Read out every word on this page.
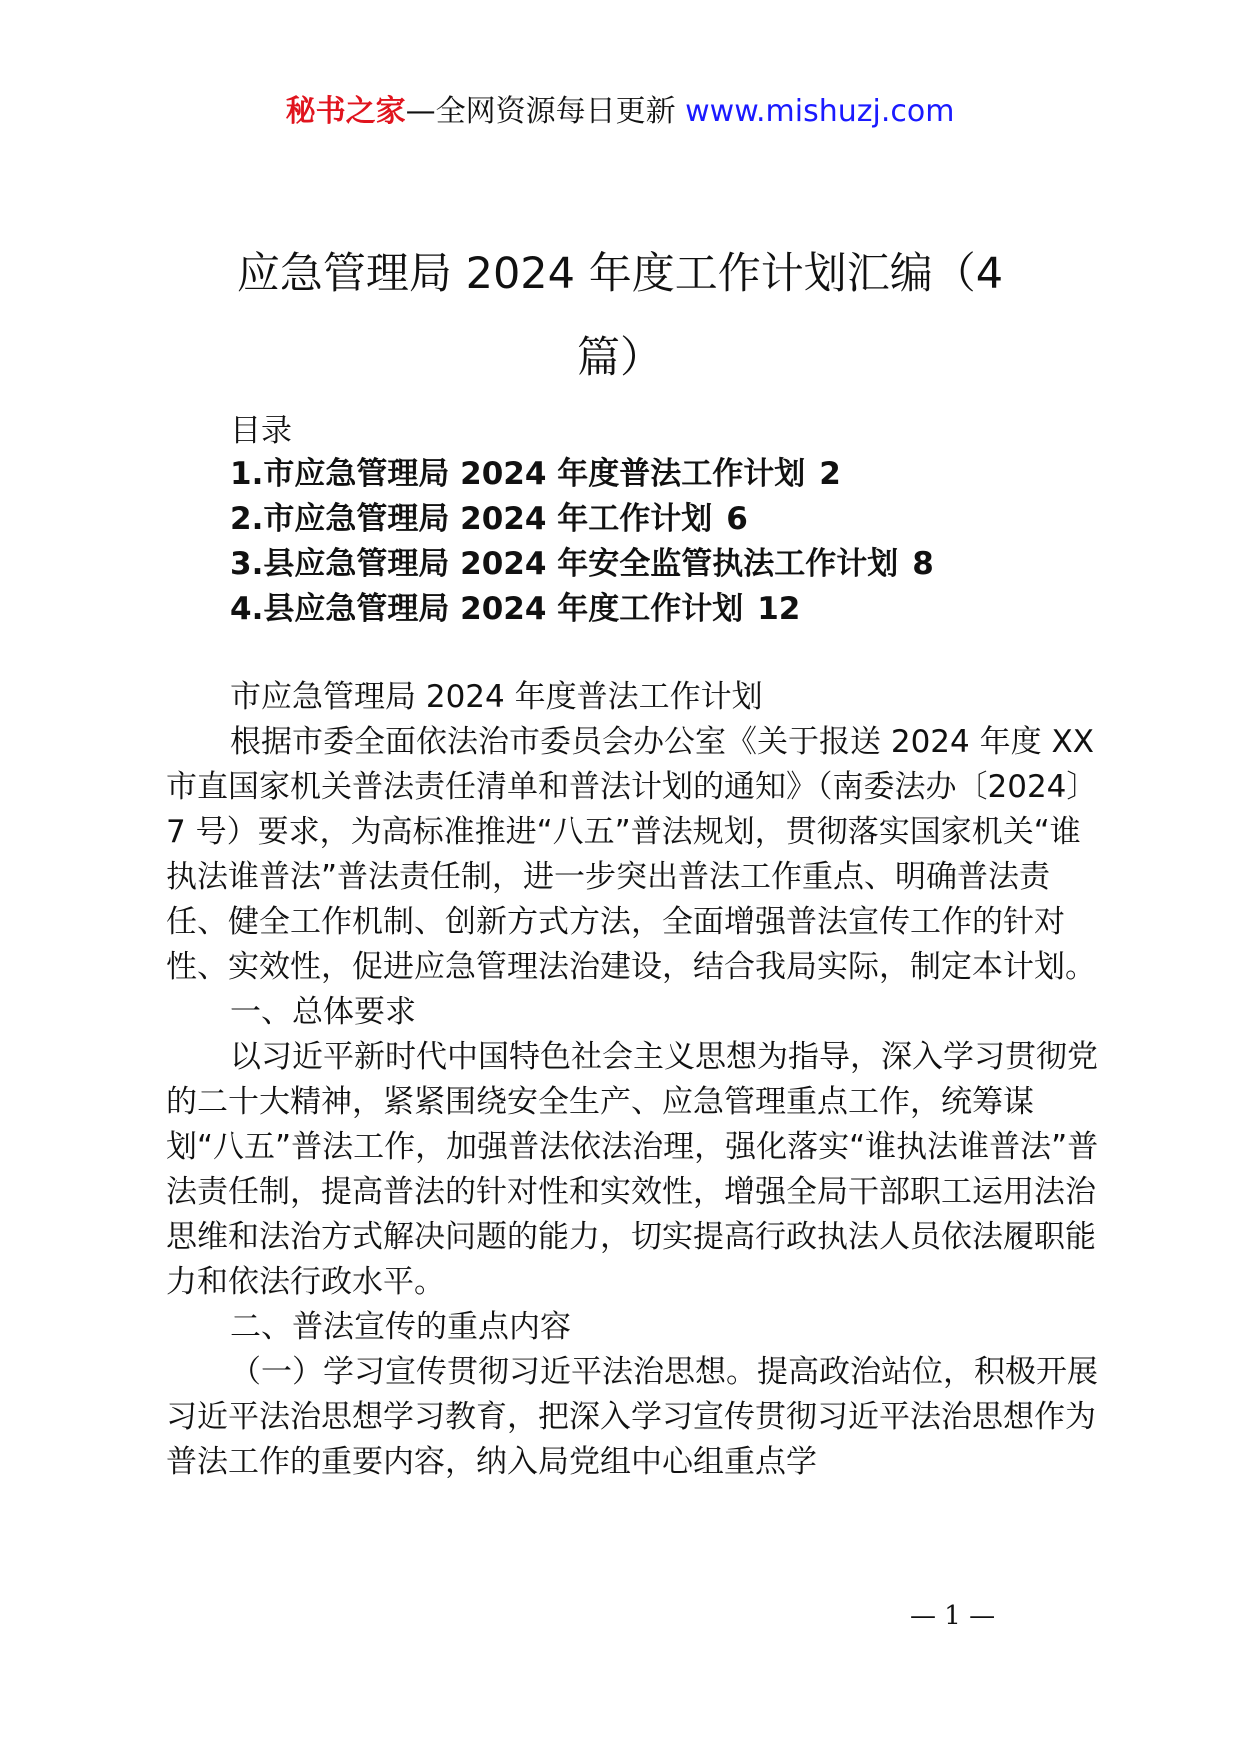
秘书之家—全网资源每日更新 www.mishuzj.com
应急管理局 2024 年度工作计划汇编（4
篇）
目录
1.市应急管理局 2024 年度普法工作计划 2
2.市应急管理局 2024 年工作计划 6
3.县应急管理局 2024 年安全监管执法工作计划 8
4.县应急管理局 2024 年度工作计划 12

市应急管理局 2024 年度普法工作计划

根据市委全面依法治市委员会办公室《关于报送 2024 年度 XX 市直国家机关普法责任清单和普法计划的通知》（南委法办〔2024〕7 号）要求，为高标准推进“八五”普法规划，贯彻落实国家机关“谁执法谁普法”普法责任制，进一步突出普法工作重点、明确普法责任、健全工作机制、创新方式方法，全面增强普法宣传工作的针对性、实效性，促进应急管理法治建设，结合我局实际，制定本计划。

一、总体要求

以习近平新时代中国特色社会主义思想为指导，深入学习贯彻党的二十大精神，紧紧围绕安全生产、应急管理重点工作，统筹谋划“八五”普法工作，加强普法依法治理，强化落实“谁执法谁普法”普法责任制，提高普法的针对性和实效性，增强全局干部职工运用法治思维和法治方式解决问题的能力，切实提高行政执法人员依法履职能力和依法行政水平。

二、普法宣传的重点内容

（一）学习宣传贯彻习近平法治思想。提高政治站位，积极开展习近平法治思想学习教育，把深入学习宣传贯彻习近平法治思想作为普法工作的重要内容，纳入局党组中心组重点学

— 1 —
